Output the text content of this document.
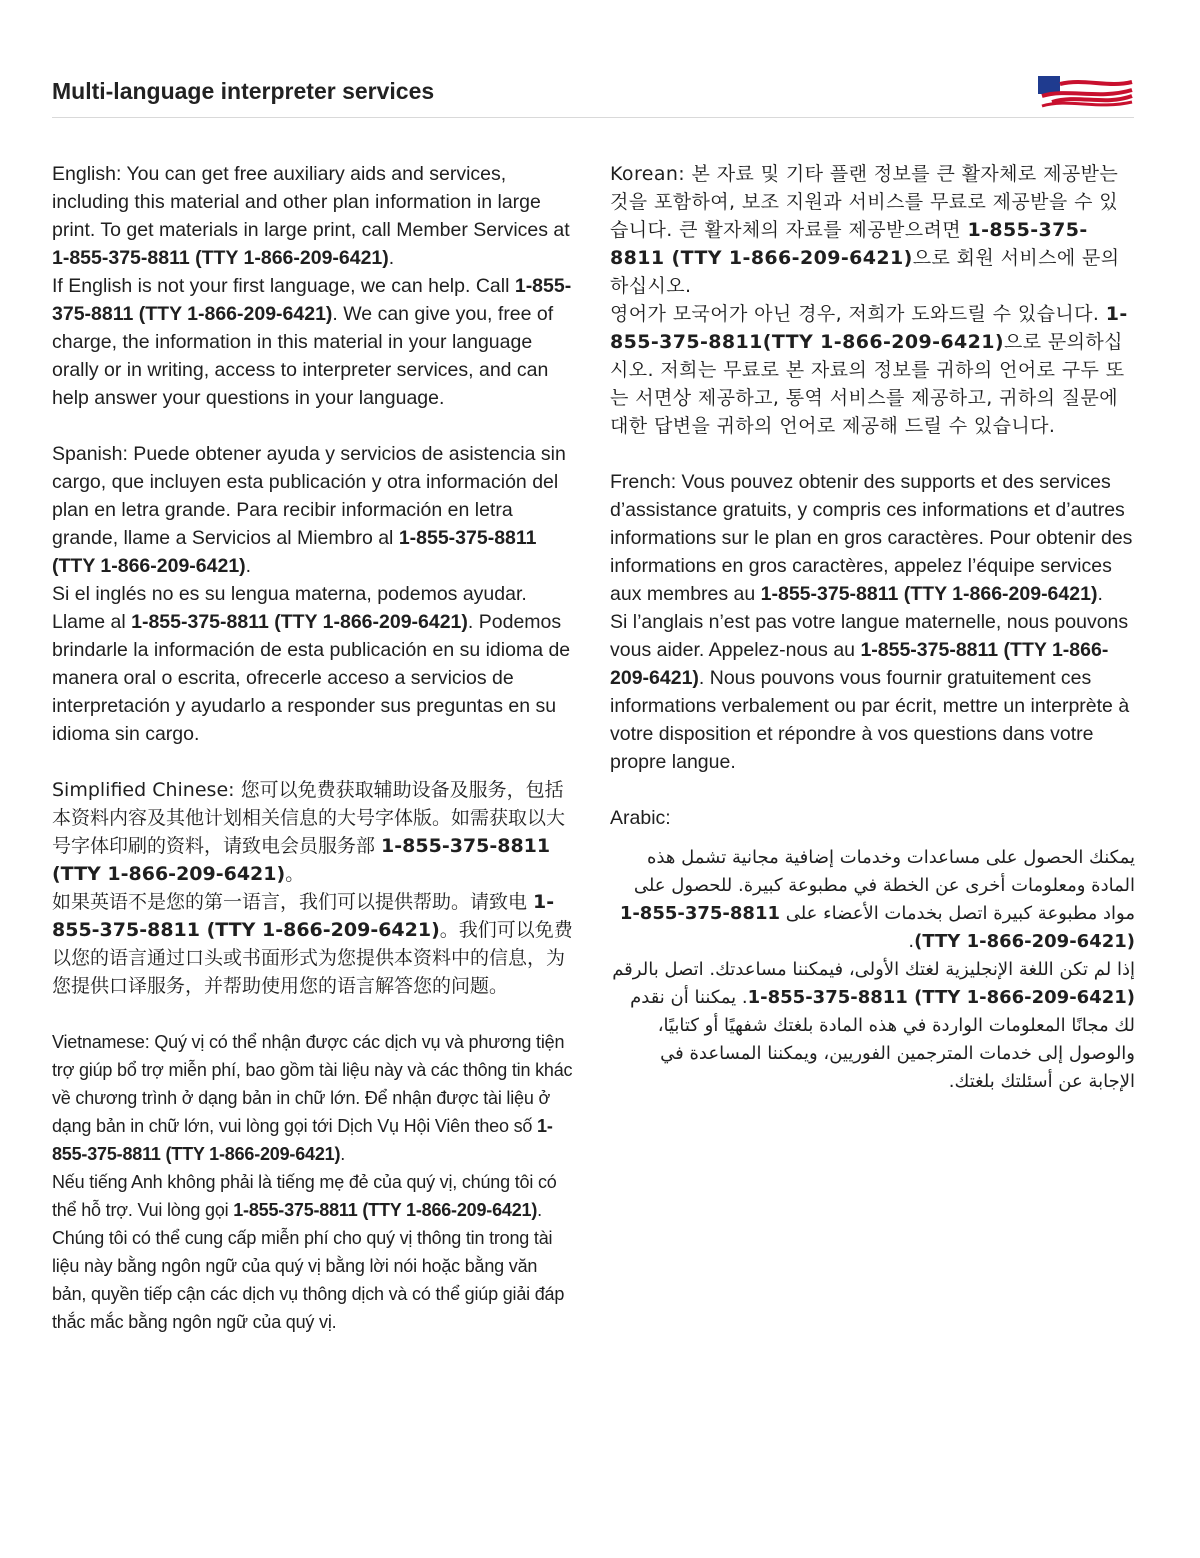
Multi-language interpreter services

English: You can get free auxiliary aids and services, including this material and other plan information in large print. To get materials in large print, call Member Services at 1-855-375-8811 (TTY 1-866-209-6421).

If English is not your first language, we can help. Call 1-855-375-8811 (TTY 1-866-209-6421). We can give you, free of charge, the information in this material in your language orally or in writing, access to interpreter services, and can help answer your questions in your language.

Spanish: Puede obtener ayuda y servicios de asistencia sin cargo, que incluyen esta publicación y otra información del plan en letra grande. Para recibir información en letra grande, llame a Servicios al Miembro al 1-855-375-8811 (TTY 1-866-209-6421).

Si el inglés no es su lengua materna, podemos ayudar. Llame al 1-855-375-8811 (TTY 1-866-209-6421). Podemos brindarle la información de esta publicación en su idioma de manera oral o escrita, ofrecerle acceso a servicios de interpretación y ayudarlo a responder sus preguntas en su idioma sin cargo.

Simplified Chinese: 您可以免费获取辅助设备及服务，包括本资料内容及其他计划相关信息的大号字体版。如需获取以大号字体印刷的资料，请致电会员服务部 1-855-375-8811 (TTY 1-866-209-6421)。

如果英语不是您的第一语言，我们可以提供帮助。请致电 1-855-375-8811 (TTY 1-866-209-6421)。我们可以免费以您的语言通过口头或书面形式为您提供本资料中的信息，为您提供口译服务，并帮助使用您的语言解答您的问题。

Vietnamese: Quý vị có thể nhận được các dịch vụ và phương tiện trợ giúp bổ trợ miễn phí, bao gồm tài liệu này và các thông tin khác về chương trình ở dạng bản in chữ lớn. Để nhận được tài liệu ở dạng bản in chữ lớn, vui lòng gọi tới Dịch Vụ Hội Viên theo số 1-855-375-8811 (TTY 1-866-209-6421).

Nếu tiếng Anh không phải là tiếng mẹ đẻ của quý vị, chúng tôi có thể hỗ trợ. Vui lòng gọi 1-855-375-8811 (TTY 1-866-209-6421). Chúng tôi có thể cung cấp miễn phí cho quý vị thông tin trong tài liệu này bằng ngôn ngữ của quý vị bằng lời nói hoặc bằng văn bản, quyền tiếp cận các dịch vụ thông dịch và có thể giúp giải đáp thắc mắc bằng ngôn ngữ của quý vị.

Korean: 본 자료 및 기타 플랜 정보를 큰 활자체로 제공받는 것을 포함하여, 보조 지원과 서비스를 무료로 제공받을 수 있습니다. 큰 활자체의 자료를 제공받으려면 1-855-375-8811 (TTY 1-866-209-6421)으로 회원 서비스에 문의하십시오.

영어가 모국어가 아닌 경우, 저희가 도와드릴 수 있습니다. 1-855-375-8811(TTY 1-866-209-6421)으로 문의하십시오. 저희는 무료로 본 자료의 정보를 귀하의 언어로 구두 또는 서면상 제공하고, 통역 서비스를 제공하고, 귀하의 질문에 대한 답변을 귀하의 언어로 제공해 드릴 수 있습니다.

French: Vous pouvez obtenir des supports et des services d’assistance gratuits, y compris ces informations et d’autres informations sur le plan en gros caractères. Pour obtenir des informations en gros caractères, appelez l’équipe services aux membres au 1-855-375-8811 (TTY 1-866-209-6421).

Si l’anglais n’est pas votre langue maternelle, nous pouvons vous aider. Appelez-nous au 1-855-375-8811 (TTY 1-866-209-6421). Nous pouvons vous fournir gratuitement ces informations verbalement ou par écrit, mettre un interprète à votre disposition et répondre à vos questions dans votre propre langue.

Arabic:

يمكنك الحصول على مساعدات وخدمات إضافية مجانية تشمل هذه المادة ومعلومات أخرى عن الخطة في مطبوعة كبيرة. للحصول على مواد مطبوعة كبيرة اتصل بخدمات الأعضاء على 1-855-375-8811 (TTY 1-866-209-6421).

إذا لم تكن اللغة الإنجليزية لغتك الأولى، فيمكننا مساعدتك. اتصل بالرقم 1-855-375-8811 (TTY 1-866-209-6421). يمكننا أن نقدم لك مجانًا المعلومات الواردة في هذه المادة بلغتك شفهيًا أو كتابيًا، والوصول إلى خدمات المترجمين الفوريين، ويمكننا المساعدة في الإجابة عن أسئلتك بلغتك.
